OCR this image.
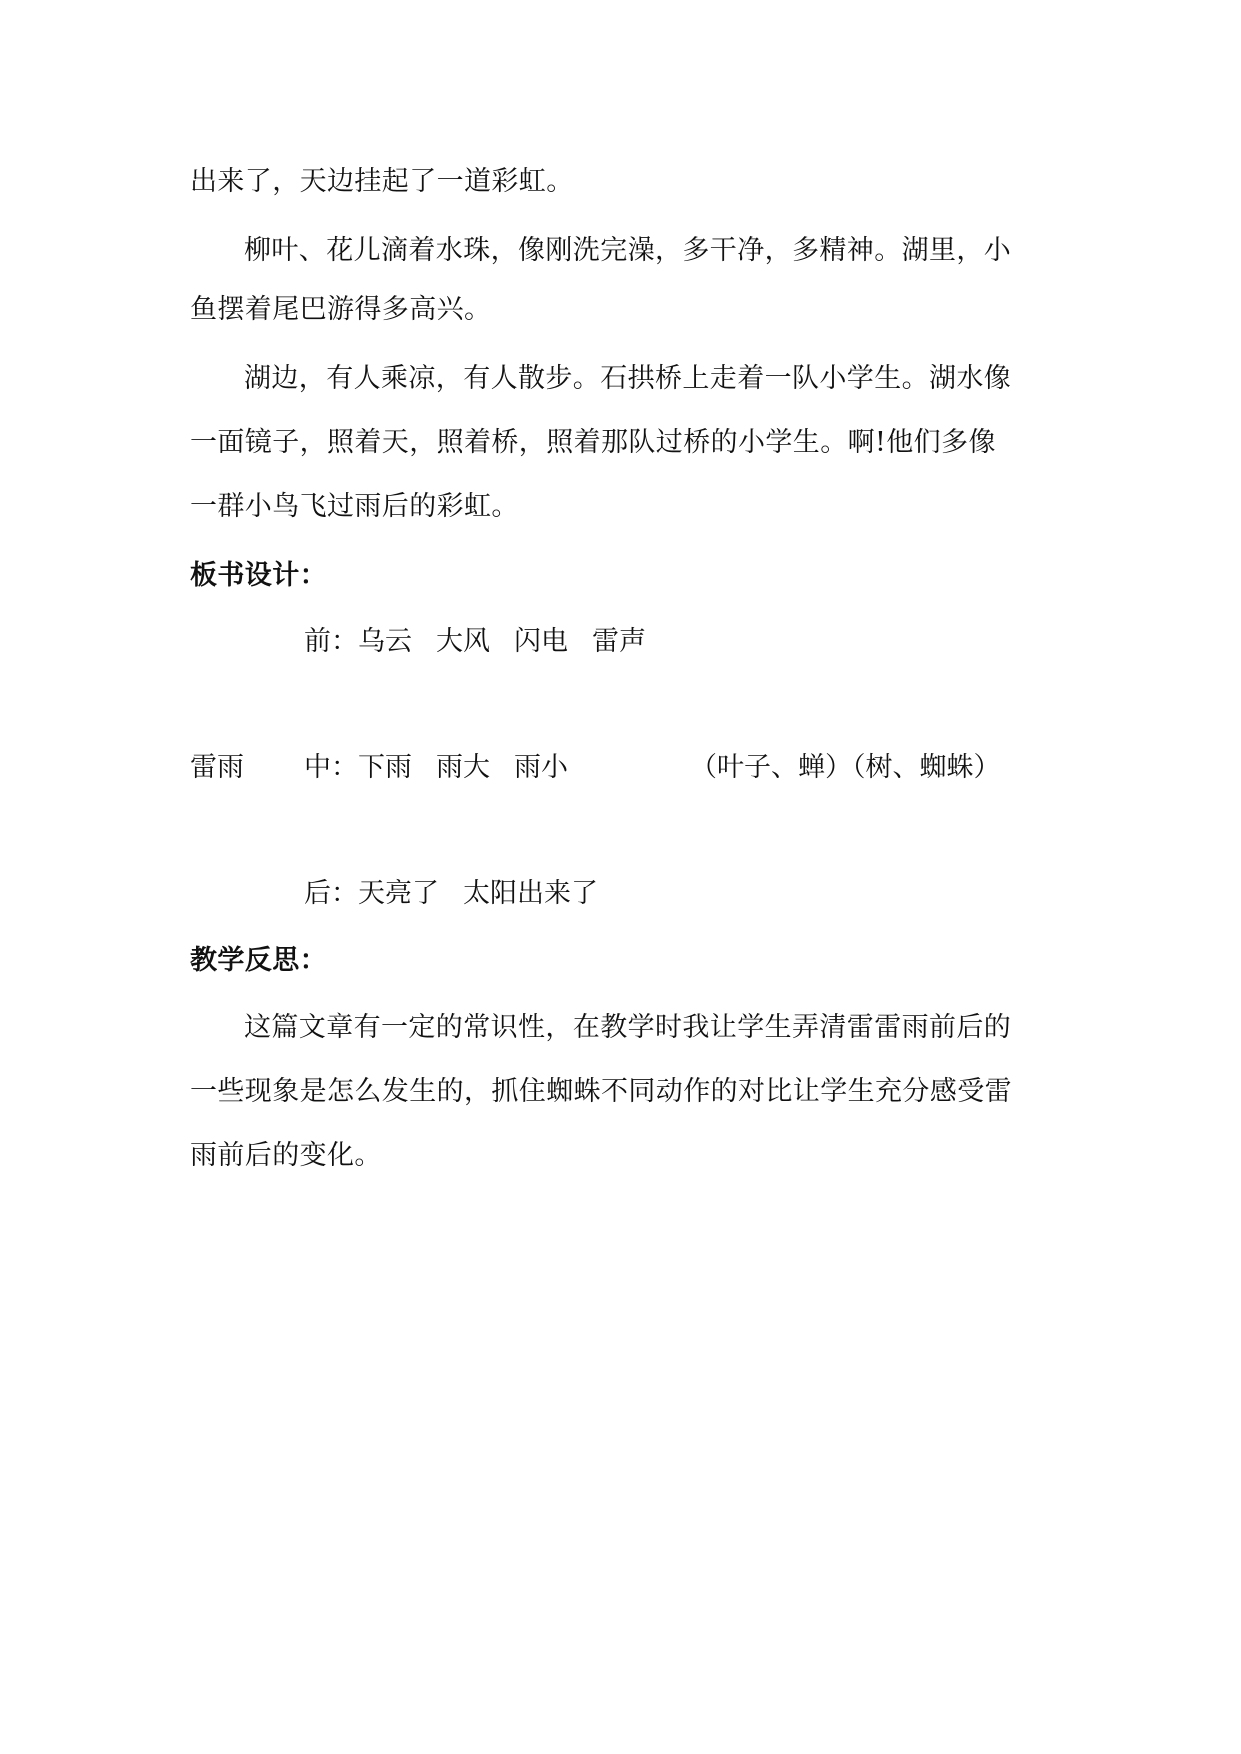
出来了，天边挂起了一道彩虹。
柳叶、花儿滴着水珠，像刚洗完澡，多干净，多精神。湖里，小
鱼摆着尾巴游得多高兴。
湖边，有人乘凉，有人散步。石拱桥上走着一队小学生。湖水像
一面镜子，照着天，照着桥，照着那队过桥的小学生。啊!他们多像
一群小鸟飞过雨后的彩虹。
板书设计：
前：乌云 大风 闪电 雷声
雷雨 中：下雨 雨大 雨小	（叶子、蝉）（树、蜘蛛）
后：天亮了 太阳出来了
教学反思：
这篇文章有一定的常识性，在教学时我让学生弄清雷雷雨前后的
一些现象是怎么发生的，抓住蜘蛛不同动作的对比让学生充分感受雷
雨前后的变化。
